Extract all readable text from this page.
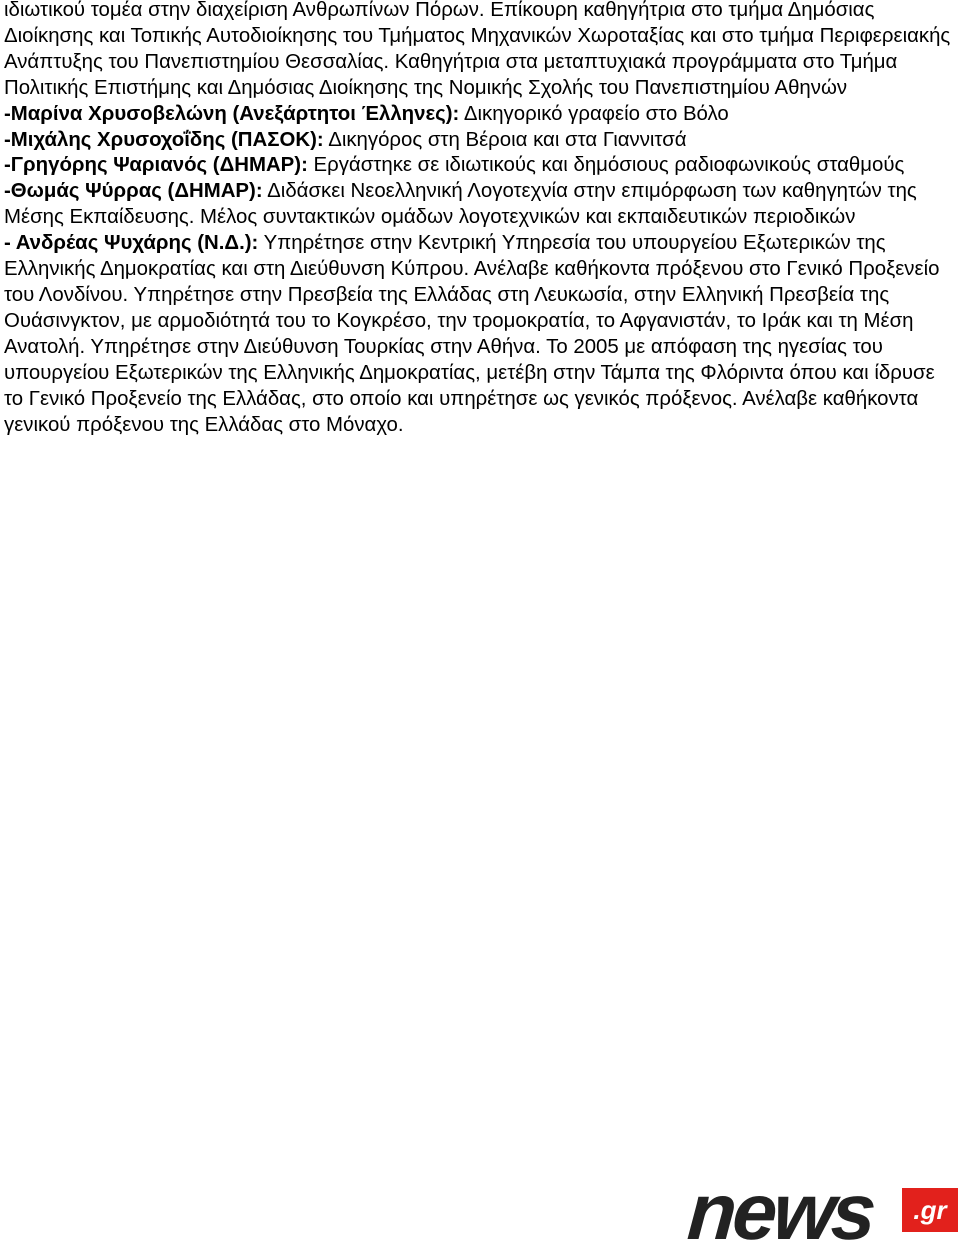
ιδιωτικού τομέα στην διαχείριση Ανθρωπίνων Πόρων. Επίκουρη καθηγήτρια στο τμήμα Δημόσιας Διοίκησης και Τοπικής Αυτοδιοίκησης του Τμήματος Μηχανικών Χωροταξίας και στο τμήμα Περιφερειακής Ανάπτυξης του Πανεπιστημίου Θεσσαλίας. Καθηγήτρια στα μεταπτυχιακά προγράμματα στο Τμήμα Πολιτικής Επιστήμης και Δημόσιας Διοίκησης της Νομικής Σχολής του Πανεπιστημίου Αθηνών

-Μαρίνα Χρυσοβελώνη (Ανεξάρτητοι Έλληνες): Δικηγορικό γραφείο στο Βόλο

-Μιχάλης Χρυσοχοΐδης (ΠΑΣΟΚ): Δικηγόρος στη Βέροια και στα Γιαννιτσά

-Γρηγόρης Ψαριανός (ΔΗΜΑΡ): Εργάστηκε σε ιδιωτικούς και δημόσιους ραδιοφωνικούς σταθμούς

-Θωμάς Ψύρρας (ΔΗΜΑΡ): Διδάσκει Νεοελληνική Λογοτεχνία στην επιμόρφωση των καθηγητών της Μέσης Εκπαίδευσης. Μέλος συντακτικών ομάδων λογοτεχνικών και εκπαιδευτικών περιοδικών

- Ανδρέας Ψυχάρης (Ν.Δ.): Υπηρέτησε στην Κεντρική Υπηρεσία του υπουργείου Εξωτερικών της Ελληνικής Δημοκρατίας και στη Διεύθυνση Κύπρου. Ανέλαβε καθήκοντα πρόξενου στο Γενικό Προξενείο του Λονδίνου. Υπηρέτησε στην Πρεσβεία της Ελλάδας στη Λευκωσία, στην Ελληνική Πρεσβεία της Ουάσινγκτον, με αρμοδιότητά του το Κογκρέσο, την τρομοκρατία, το Αφγανιστάν, το Ιράκ και τη Μέση Ανατολή. Υπηρέτησε στην Διεύθυνση Τουρκίας στην Αθήνα. Το 2005 με απόφαση της ηγεσίας του υπουργείου Εξωτερικών της Ελληνικής Δημοκρατίας, μετέβη στην Τάμπα της Φλόριντα όπου και ίδρυσε το Γενικό Προξενείο της Ελλάδας, στο οποίο και υπηρέτησε ως γενικός πρόξενος. Ανέλαβε καθήκοντα γενικού πρόξενου της Ελλάδας στο Μόναχο.

news	.gr
